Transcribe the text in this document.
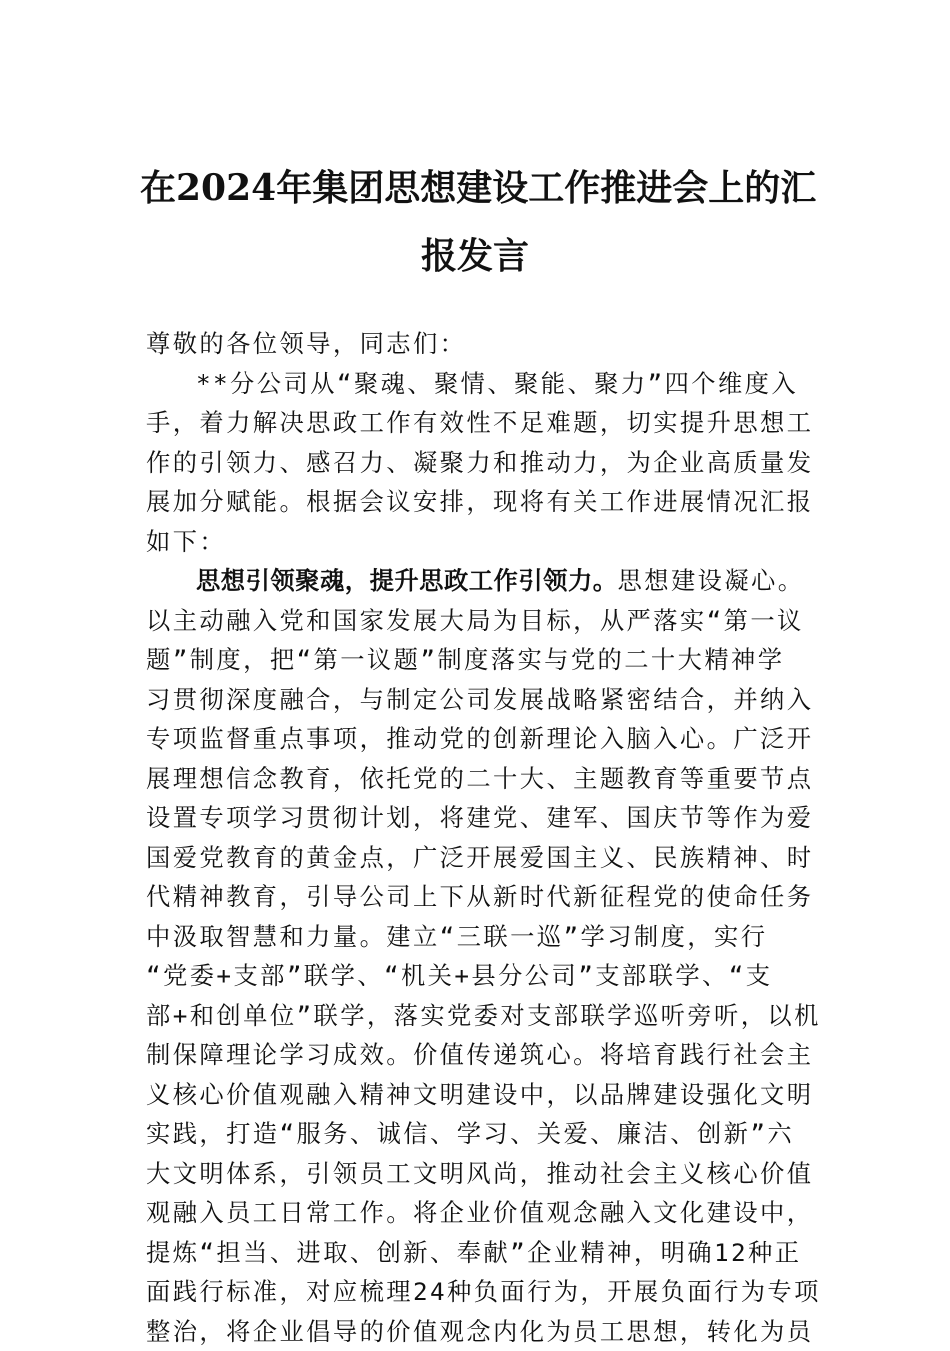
在2024年集团思想建设工作推进会上的汇
报发言
尊敬的各位领导，同志们：
**分公司从“聚魂、聚情、聚能、聚力”四个维度入
手，着力解决思政工作有效性不足难题，切实提升思想工
作的引领力、感召力、凝聚力和推动力，为企业高质量发
展加分赋能。根据会议安排，现将有关工作进展情况汇报
如下：
思想引领聚魂，提升思政工作引领力。思想建设凝心。
以主动融入党和国家发展大局为目标，从严落实“第一议
题”制度，把“第一议题”制度落实与党的二十大精神学
习贯彻深度融合，与制定公司发展战略紧密结合，并纳入
专项监督重点事项，推动党的创新理论入脑入心。广泛开
展理想信念教育，依托党的二十大、主题教育等重要节点
设置专项学习贯彻计划，将建党、建军、国庆节等作为爱
国爱党教育的黄金点，广泛开展爱国主义、民族精神、时
代精神教育，引导公司上下从新时代新征程党的使命任务
中汲取智慧和力量。建立“三联一巡”学习制度，实行
“党委+支部”联学、“机关+县分公司”支部联学、“支
部+和创单位”联学，落实党委对支部联学巡听旁听，以机
制保障理论学习成效。价值传递筑心。将培育践行社会主
义核心价值观融入精神文明建设中，以品牌建设强化文明
实践，打造“服务、诚信、学习、关爱、廉洁、创新”六
大文明体系，引领员工文明风尚，推动社会主义核心价值
观融入员工日常工作。将企业价值观念融入文化建设中，
提炼“担当、进取、创新、奉献”企业精神，明确12种正
面践行标准，对应梳理24种负面行为，开展负面行为专项
整治，将企业倡导的价值观念内化为员工思想，转化为员
